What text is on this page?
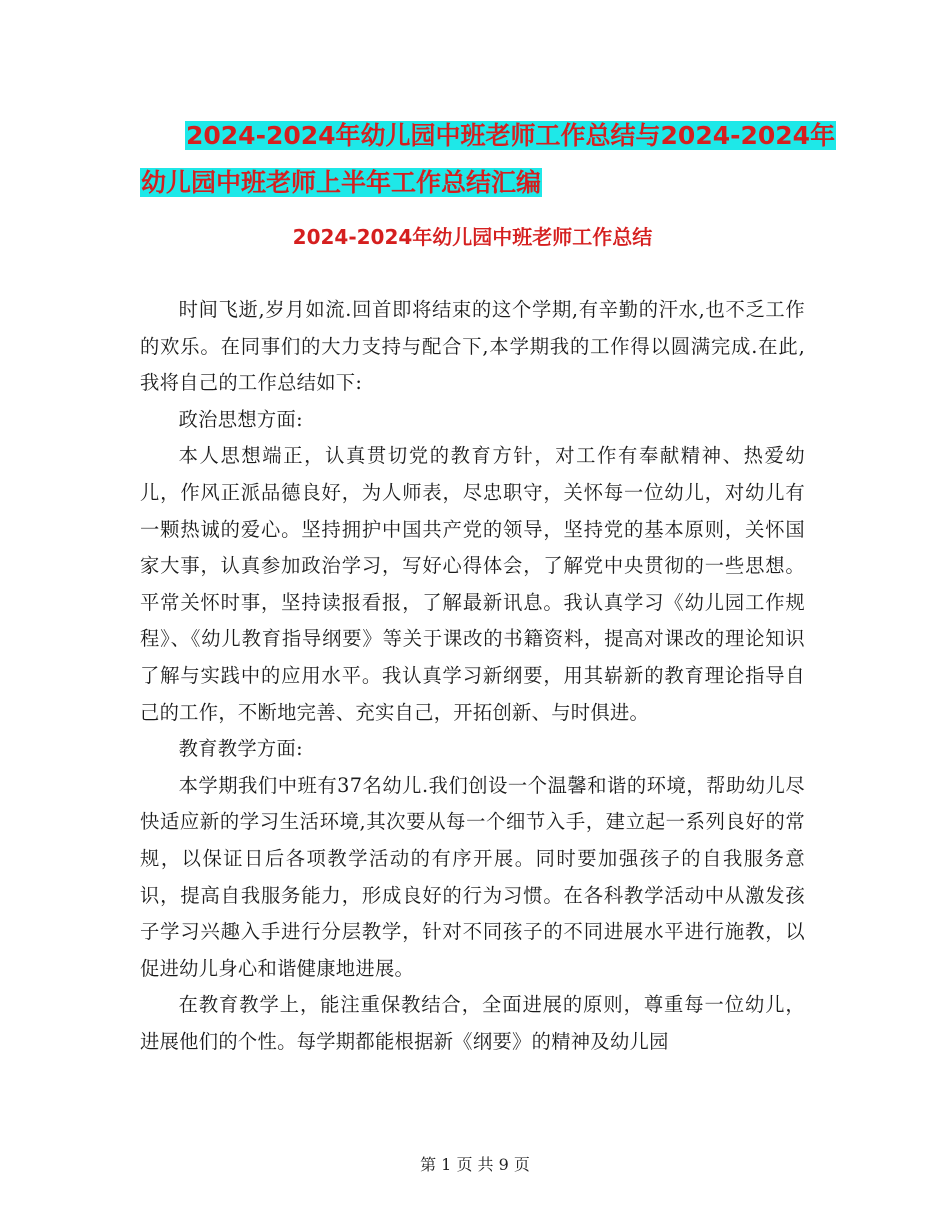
2024-2024年幼儿园中班老师工作总结与2024-2024年
幼儿园中班老师上半年工作总结汇编
2024-2024年幼儿园中班老师工作总结

时间飞逝,岁月如流.回首即将结束的这个学期,有辛勤的汗水,也不乏工作的欢乐。在同事们的大力支持与配合下,本学期我的工作得以圆满完成.在此,我将自己的工作总结如下:

政治思想方面:

本人思想端正，认真贯切党的教育方针，对工作有奉献精神、热爱幼儿，作风正派品德良好，为人师表，尽忠职守，关怀每一位幼儿，对幼儿有一颗热诚的爱心。坚持拥护中国共产党的领导，坚持党的基本原则，关怀国家大事，认真参加政治学习，写好心得体会，了解党中央贯彻的一些思想。平常关怀时事，坚持读报看报，了解最新讯息。我认真学习《幼儿园工作规程》、《幼儿教育指导纲要》等关于课改的书籍资料，提高对课改的理论知识了解与实践中的应用水平。我认真学习新纲要，用其崭新的教育理论指导自己的工作，不断地完善、充实自己，开拓创新、与时俱进。

教育教学方面:

本学期我们中班有37名幼儿.我们创设一个温馨和谐的环境，帮助幼儿尽快适应新的学习生活环境,其次要从每一个细节入手，建立起一系列良好的常规，以保证日后各项教学活动的有序开展。同时要加强孩子的自我服务意识，提高自我服务能力，形成良好的行为习惯。在各科教学活动中从激发孩子学习兴趣入手进行分层教学，针对不同孩子的不同进展水平进行施教，以促进幼儿身心和谐健康地进展。

在教育教学上，能注重保教结合，全面进展的原则，尊重每一位幼儿，进展他们的个性。每学期都能根据新《纲要》的精神及幼儿园

第 1 页 共 9 页
